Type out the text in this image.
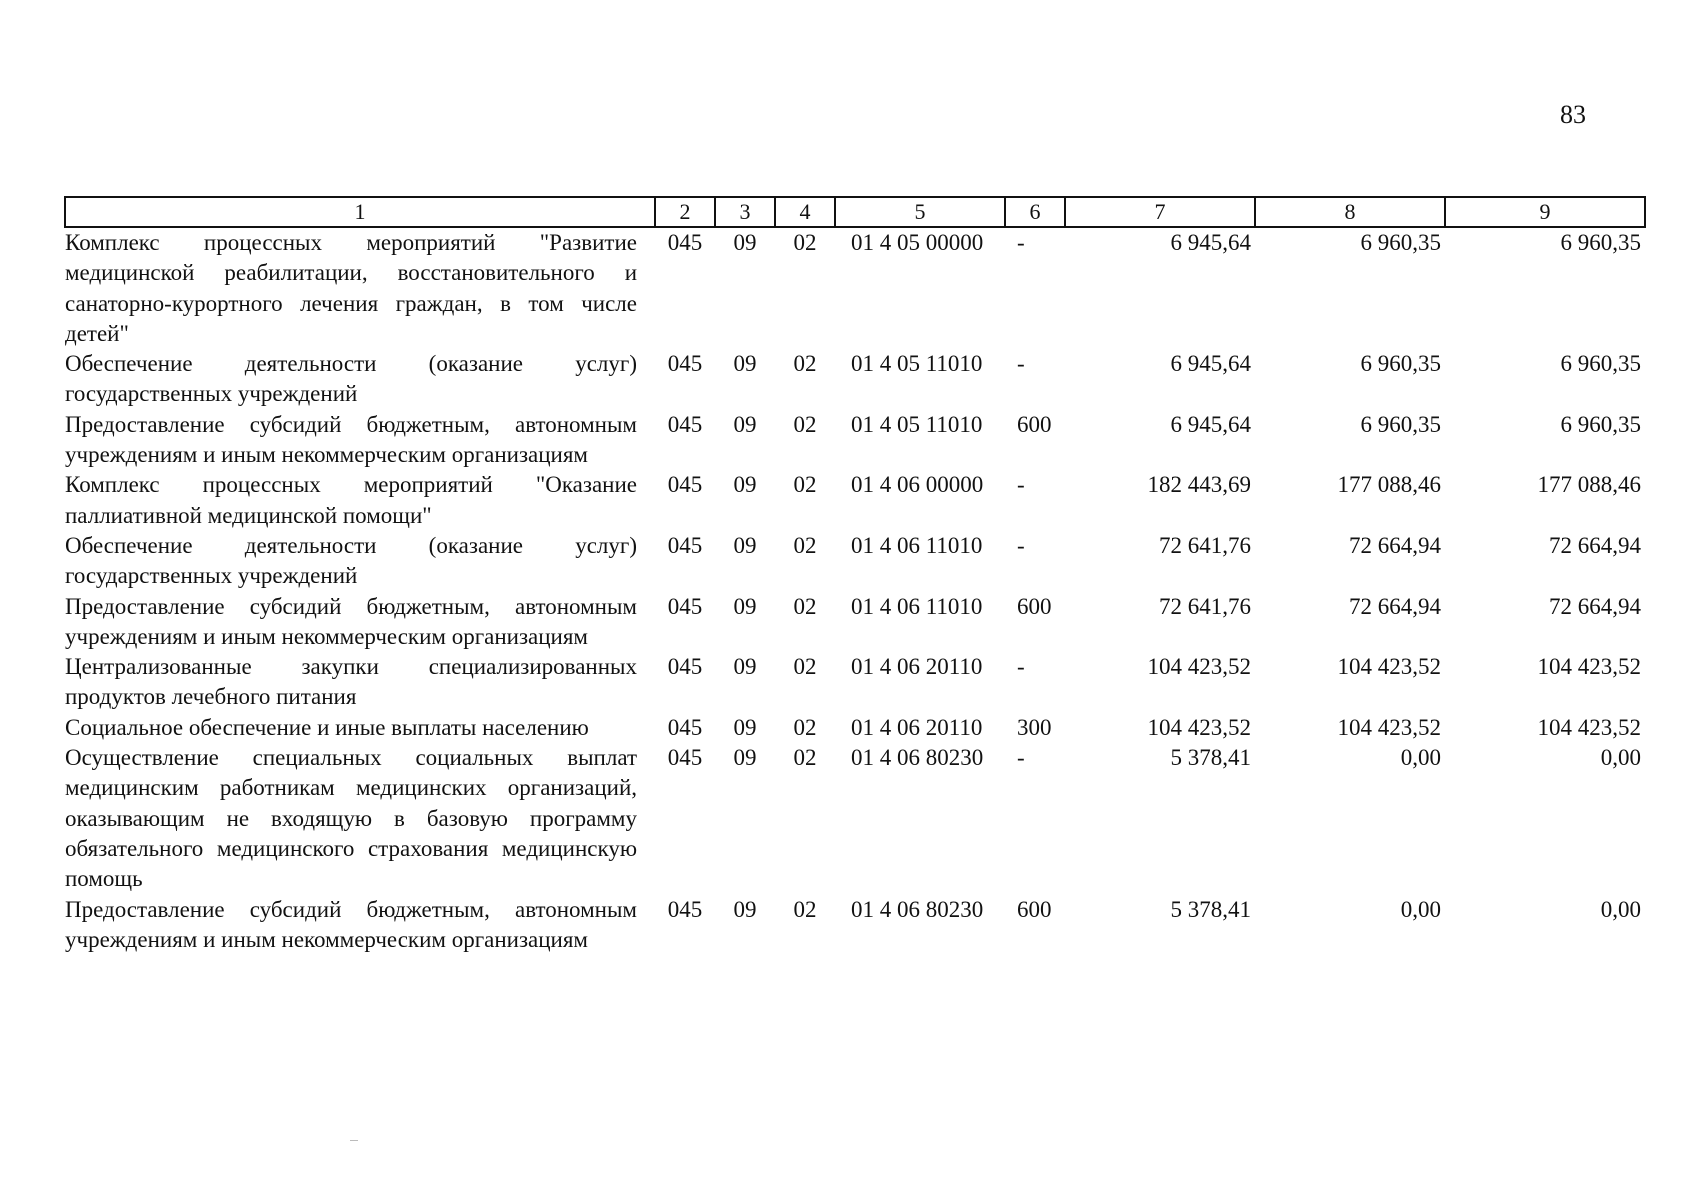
83
1	2	3	4	5	6	7	8	9
Комплекс процессных мероприятий "Развитие медицинской реабилитации, восстановительного и санаторно-курортного лечения граждан, в том числе детей"	045	09	02	01 4 05 00000	-	6 945,64	6 960,35	6 960,35
Обеспечение деятельности (оказание услуг) государственных учреждений	045	09	02	01 4 05 11010	-	6 945,64	6 960,35	6 960,35
Предоставление субсидий бюджетным, автономным учреждениям и иным некоммерческим организациям	045	09	02	01 4 05 11010	600	6 945,64	6 960,35	6 960,35
Комплекс процессных мероприятий "Оказание паллиативной медицинской помощи"	045	09	02	01 4 06 00000	-	182 443,69	177 088,46	177 088,46
Обеспечение деятельности (оказание услуг) государственных учреждений	045	09	02	01 4 06 11010	-	72 641,76	72 664,94	72 664,94
Предоставление субсидий бюджетным, автономным учреждениям и иным некоммерческим организациям	045	09	02	01 4 06 11010	600	72 641,76	72 664,94	72 664,94
Централизованные закупки специализированных продуктов лечебного питания	045	09	02	01 4 06 20110	-	104 423,52	104 423,52	104 423,52
Социальное обеспечение и иные выплаты населению	045	09	02	01 4 06 20110	300	104 423,52	104 423,52	104 423,52
Осуществление специальных социальных выплат медицинским работникам медицинских организаций, оказывающим не входящую в базовую программу обязательного медицинского страхования медицинскую помощь	045	09	02	01 4 06 80230	-	5 378,41	0,00	0,00
Предоставление субсидий бюджетным, автономным учреждениям и иным некоммерческим организациям	045	09	02	01 4 06 80230	600	5 378,41	0,00	0,00
